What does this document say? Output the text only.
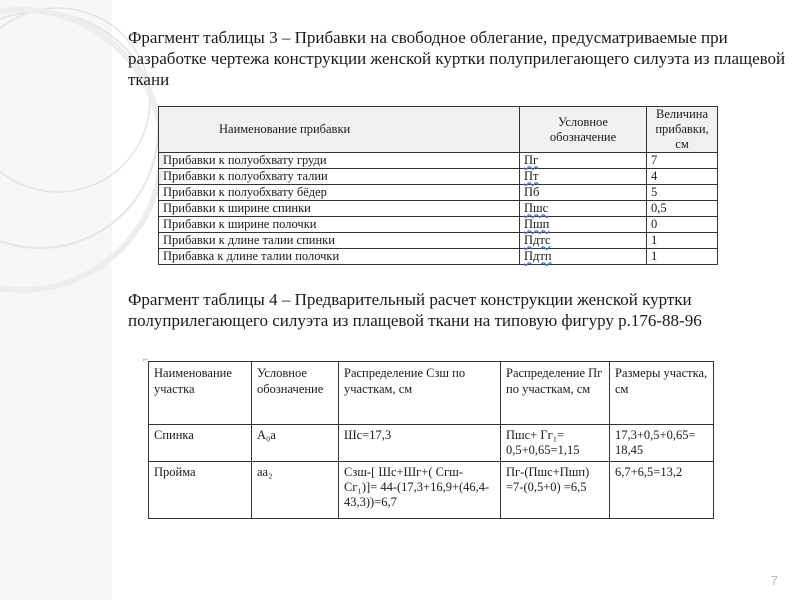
Фрагмент таблицы 3 – Прибавки на свободное облегание, предусматриваемые при разработке чертежа конструкции женской куртки полуприлегающего силуэта из плащевой ткани

Наименование прибавки	Условное обозначение	Величина прибавки, см
Прибавки к полуобхвату груди	Пг	7
Прибавки к полуобхвату талии	Пт	4
Прибавки к полуобхвату бёдер	Пб	5
Прибавки к ширине спинки	Пшс	0,5
Прибавки к ширине полочки	Пшп	0
Прибавки к длине талии спинки	Пдтс	1
Прибавка к длине талии полочки	Пдтп	1

Фрагмент таблицы 4 – Предварительный расчет конструкции женской куртки полуприлегающего силуэта из плащевой ткани на типовую фигуру р.176-88-96

⌐
Наименование участка	Условное обозначение	Распределение Сзш по участкам, см	Распределение Пг по участкам, см	Размеры участка, см
Спинка	А₀а	Шс=17,3	Пшс+ Гг₁= 0,5+0,65=1,15	17,3+0,5+0,65= 18,45
Пройма	аа₂	Сзш-[ Шс+Шг+( Сгш- Сг₁)]= 44-(17,3+16,9+(46,4-43,3))=6,7	Пг-(Пшс+Пшп) =7-(0,5+0) =6,5	6,7+6,5=13,2
7
